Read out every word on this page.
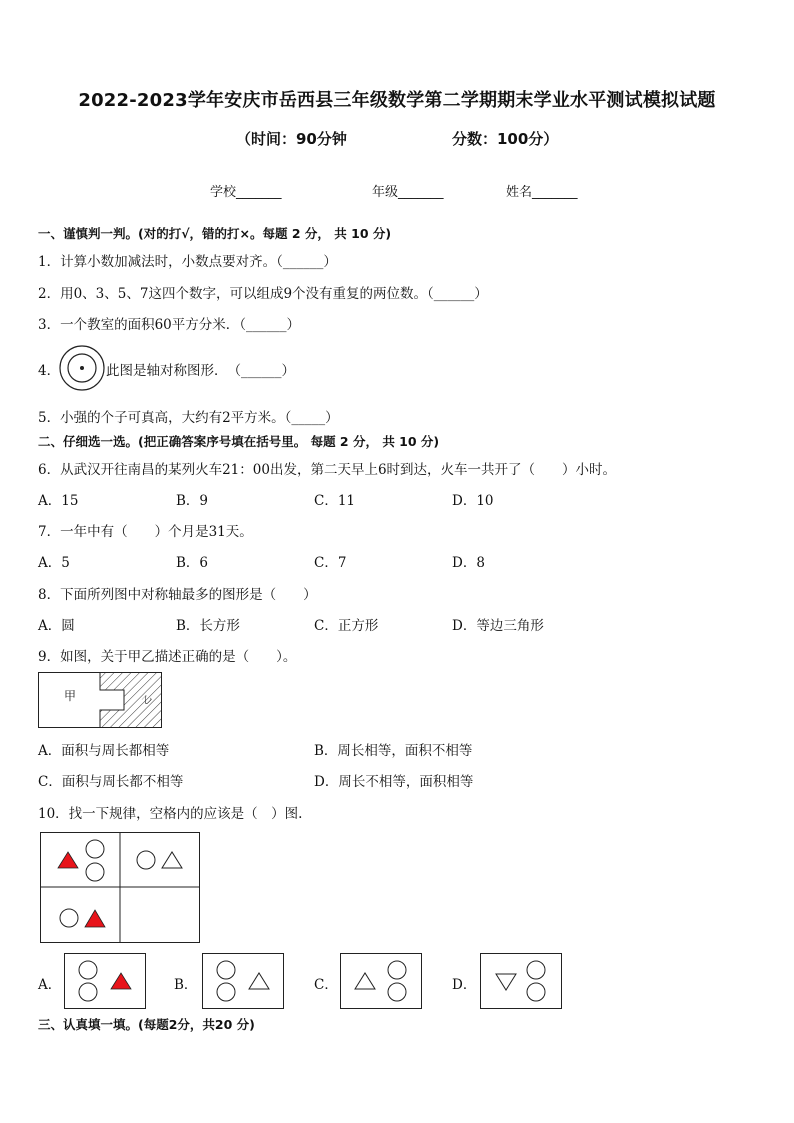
2022-2023学年安庆市岳西县三年级数学第二学期期末学业水平测试模拟试题
（时间：90分钟	分数：100分）
学校_______	年级_______	姓名_______
一、谨慎判一判。(对的打√，错的打×。每题 2 分， 共 10 分)
1．计算小数加减法时，小数点要对齐。（______）
2．用0、3、5、7这四个数字，可以组成9个没有重复的两位数。（______）
3．一个教室的面积60平方分米．（______）
4．	此图是轴对称图形．　（______）
5．小强的个子可真高，大约有2平方米。（_____）
二、仔细选一选。(把正确答案序号填在括号里。 每题 2 分， 共 10 分)
6．从武汉开往南昌的某列火车21：00出发，第二天早上6时到达，火车一共开了（　　）小时。
A．15	B．9	C．11	D．10
7．一年中有（　　）个月是31天。
A．5	B．6	C．7	D．8
8．下面所列图中对称轴最多的图形是（　　）
A．圆	B．长方形	C．正方形	D．等边三角形
9．如图，关于甲乙描述正确的是（　　）。
甲	乙
A．面积与周长都相等	B．周长相等，面积不相等
C．面积与周长都不相等	D．周长不相等，面积相等
10．找一下规律，空格内的应该是（　）图.
A．	B．	C．	D．
三、认真填一填。(每题2分，共20 分)
